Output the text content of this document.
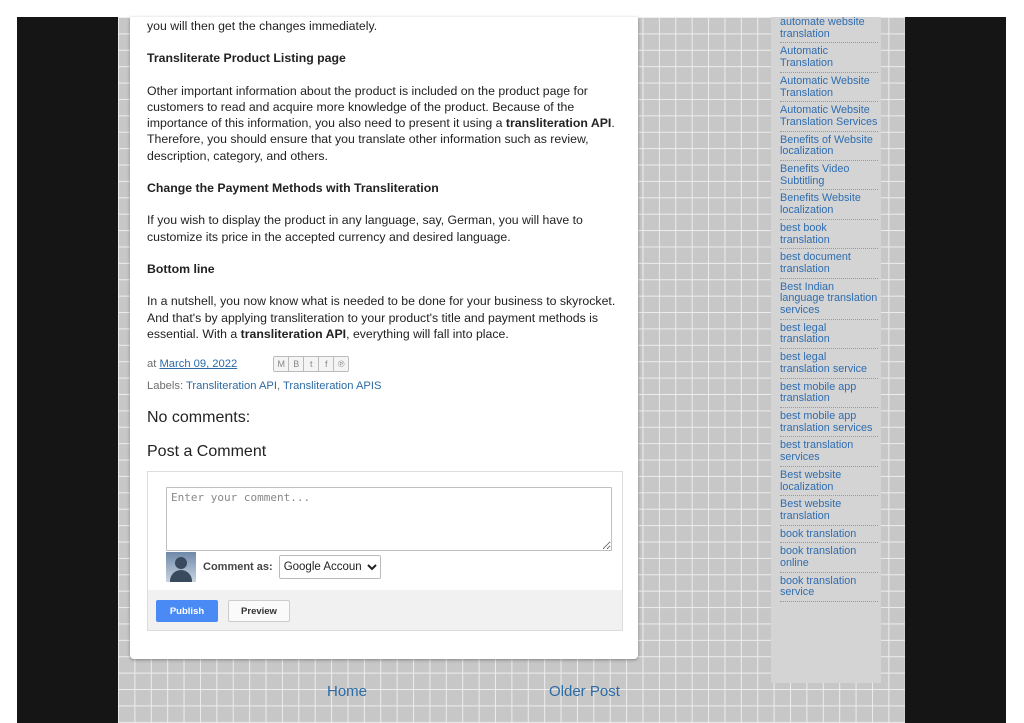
you will then get the changes immediately.

Transliterate Product Listing page

Other important information about the product is included on the product page for customers to read and acquire more knowledge of the product. Because of the importance of this information, you also need to present it using a transliteration API. Therefore, you should ensure that you translate other information such as review, description, category, and others.

Change the Payment Methods with Transliteration

If you wish to display the product in any language, say, German, you will have to customize its price in the accepted currency and desired language.

Bottom line

In a nutshell, you now know what is needed to be done for your business to skyrocket. And that's by applying transliteration to your product's title and payment methods is essential. With a transliteration API, everything will fall into place.

at
March 09, 2022	M B	t	f	℗
Labels: Transliteration API, Transliteration APIS
No comments:
Post a Comment
Enter your comment...
Comment as:
Google Accoun
Publish	Preview
Home	Older Post
automate website translation
Automatic Translation
Automatic Website Translation
Automatic Website Translation Services
Benefits of Website localization
Benefits Video Subtitling
Benefits Website localization
best book translation
best document translation
Best Indian language translation services
best legal translation
best legal translation service
best mobile app translation
best mobile app translation services
best translation services
Best website localization
Best website translation
book translation
book translation online
book translation service
